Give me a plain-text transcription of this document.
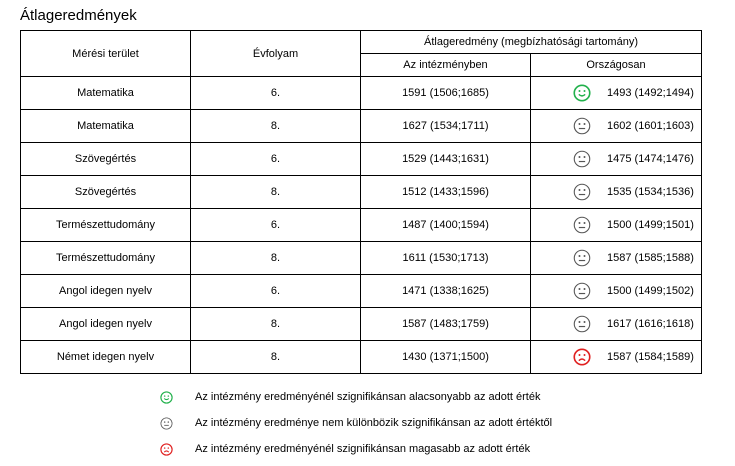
Átlageredmények
Mérési terület	Évfolyam	Átlageredmény (megbízhatósági tartomány)	
		Az intézményben	Országosan
Matematika	6.	1591 (1506;1685)	1493 (1492;1494)

Matematika	8.	1627 (1534;1711)	1602 (1601;1603)

Szövegértés	6.	1529 (1443;1631)	1475 (1474;1476)

Szövegértés	8.	1512 (1433;1596)	1535 (1534;1536)

Természettudomány	6.	1487 (1400;1594)	1500 (1499;1501)

Természettudomány	8.	1611 (1530;1713)	1587 (1585;1588)

Angol idegen nyelv	6.	1471 (1338;1625)	1500 (1499;1502)

Angol idegen nyelv	8.	1587 (1483;1759)	1617 (1616;1618)

Német idegen nyelv	8.	1430 (1371;1500)	1587 (1584;1589)
Az intézmény eredményénél szignifikánsan alacsonyabb az adott érték
Az intézmény eredménye nem különbözik szignifikánsan az adott értéktől
Az intézmény eredményénél szignifikánsan magasabb az adott érték
